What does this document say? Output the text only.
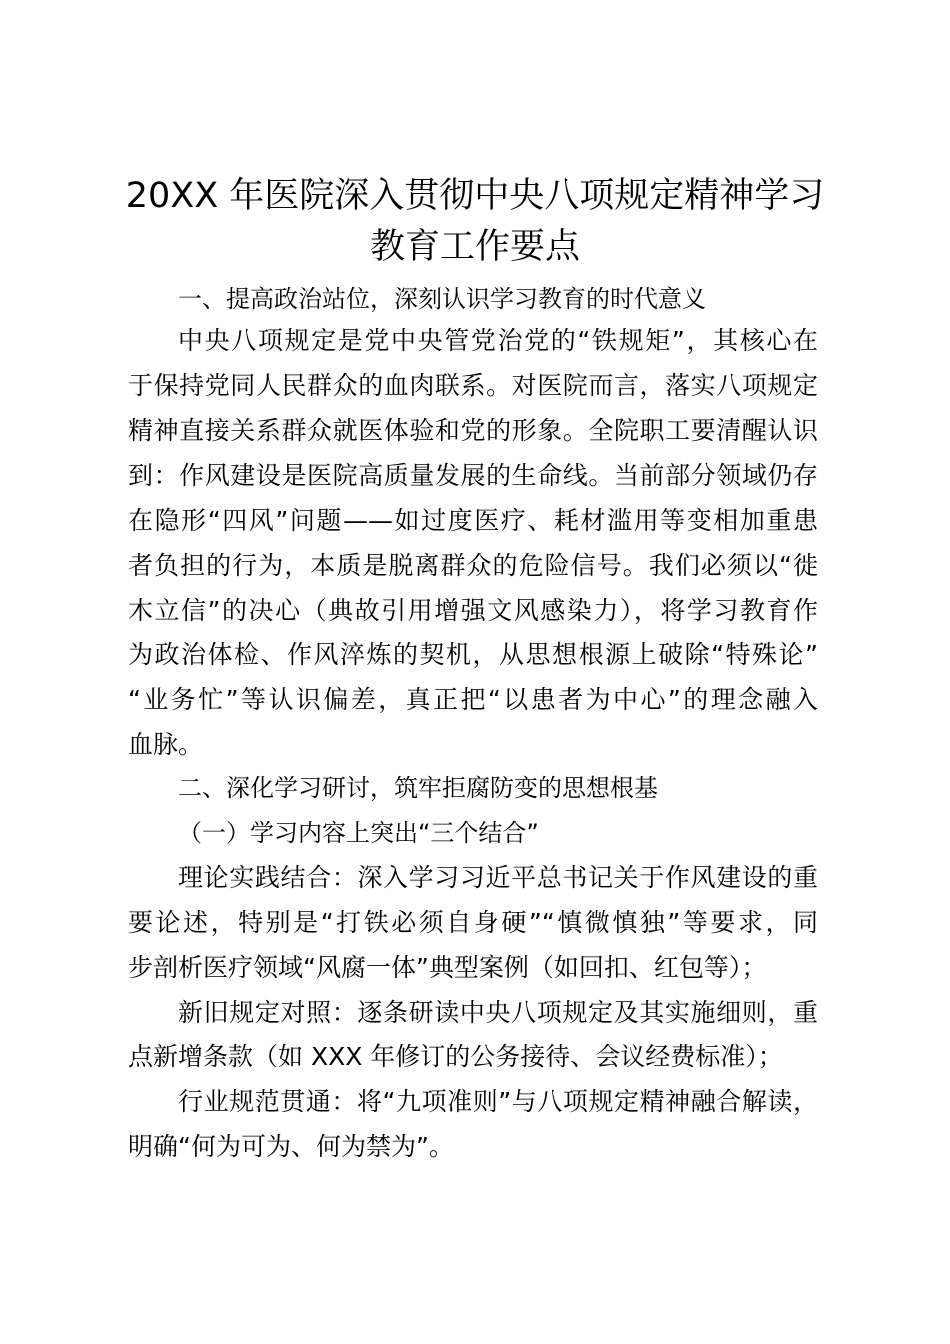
20XX 年医院深入贯彻中央八项规定精神学习
教育工作要点
一、提高政治站位，深刻认识学习教育的时代意义
中央八项规定是党中央管党治党的“铁规矩”，其核心在
于保持党同人民群众的血肉联系。对医院而言，落实八项规定
精神直接关系群众就医体验和党的形象。全院职工要清醒认识
到：作风建设是医院高质量发展的生命线。当前部分领域仍存
在隐形“四风”问题——如过度医疗、耗材滥用等变相加重患
者负担的行为，本质是脱离群众的危险信号。我们必须以“徙
木立信”的决心（典故引用增强文风感染力），将学习教育作
为政治体检、作风淬炼的契机，从思想根源上破除“特殊论”
“业务忙”等认识偏差，真正把“以患者为中心”的理念融入
血脉。
二、深化学习研讨，筑牢拒腐防变的思想根基
（一）学习内容上突出“三个结合”
理论实践结合：深入学习习近平总书记关于作风建设的重
要论述，特别是“打铁必须自身硬”“慎微慎独”等要求，同
步剖析医疗领域“风腐一体”典型案例（如回扣、红包等）；
新旧规定对照：逐条研读中央八项规定及其实施细则，重
点新增条款（如 XXX 年修订的公务接待、会议经费标准）；
行业规范贯通：将“九项准则”与八项规定精神融合解读，
明确“何为可为、何为禁为”。
